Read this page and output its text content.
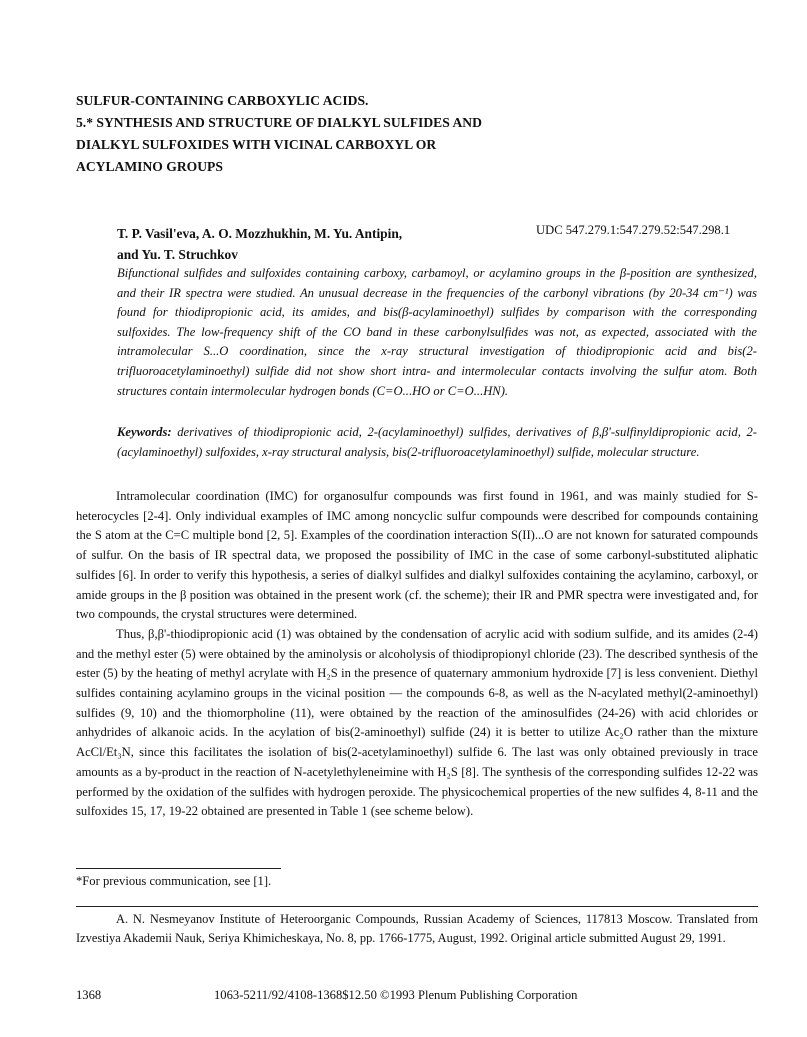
SULFUR-CONTAINING CARBOXYLIC ACIDS.
5.* SYNTHESIS AND STRUCTURE OF DIALKYL SULFIDES AND
DIALKYL SULFOXIDES WITH VICINAL CARBOXYL OR
ACYLAMINO GROUPS
T. P. Vasil'eva, A. O. Mozzhukhin, M. Yu. Antipin,
and Yu. T. Struchkov
UDC 547.279.1:547.279.52:547.298.1
Bifunctional sulfides and sulfoxides containing carboxy, carbamoyl, or acylamino groups in the β-position are synthesized, and their IR spectra were studied. An unusual decrease in the frequencies of the carbonyl vibrations (by 20-34 cm⁻¹) was found for thiodipropionic acid, its amides, and bis(β-acylaminoethyl) sulfides by comparison with the corresponding sulfoxides. The low-frequency shift of the CO band in these carbonylsulfides was not, as expected, associated with the intramolecular S...O coordination, since the x-ray structural investigation of thiodipropionic acid and bis(2-trifluoroacetylaminoethyl) sulfide did not show short intra- and intermolecular contacts involving the sulfur atom. Both structures contain intermolecular hydrogen bonds (C=O...HO or C=O...HN).
Keywords: derivatives of thiodipropionic acid, 2-(acylaminoethyl) sulfides, derivatives of β,β'-sulfinyldipropionic acid, 2-(acylaminoethyl) sulfoxides, x-ray structural analysis, bis(2-trifluoroacetylaminoethyl) sulfide, molecular structure.

Intramolecular coordination (IMC) for organosulfur compounds was first found in 1961, and was mainly studied for S-heterocycles [2-4]. Only individual examples of IMC among noncyclic sulfur compounds were described for compounds containing the S atom at the C=C multiple bond [2, 5]. Examples of the coordination interaction S(II)...O are not known for saturated compounds of sulfur. On the basis of IR spectral data, we proposed the possibility of IMC in the case of some carbonyl-substituted aliphatic sulfides [6]. In order to verify this hypothesis, a series of dialkyl sulfides and dialkyl sulfoxides containing the acylamino, carboxyl, or amide groups in the β position was obtained in the present work (cf. the scheme); their IR and PMR spectra were investigated and, for two compounds, the crystal structures were determined.

Thus, β,β'-thiodipropionic acid (1) was obtained by the condensation of acrylic acid with sodium sulfide, and its amides (2-4) and the methyl ester (5) were obtained by the aminolysis or alcoholysis of thiodipropionyl chloride (23). The described synthesis of the ester (5) by the heating of methyl acrylate with H₂S in the presence of quaternary ammonium hydroxide [7] is less convenient. Diethyl sulfides containing acylamino groups in the vicinal position — the compounds 6-8, as well as the N-acylated methyl(2-aminoethyl) sulfides (9, 10) and the thiomorpholine (11), were obtained by the reaction of the aminosulfides (24-26) with acid chlorides or anhydrides of alkanoic acids. In the acylation of bis(2-aminoethyl) sulfide (24) it is better to utilize Ac₂O rather than the mixture AcCl/Et₃N, since this facilitates the isolation of bis(2-acetylaminoethyl) sulfide 6. The last was only obtained previously in trace amounts as a by-product in the reaction of N-acetylethyleneimine with H₂S [8]. The synthesis of the corresponding sulfides 12-22 was performed by the oxidation of the sulfides with hydrogen peroxide. The physicochemical properties of the new sulfides 4, 8-11 and the sulfoxides 15, 17, 19-22 obtained are presented in Table 1 (see scheme below).

*For previous communication, see [1].

A. N. Nesmeyanov Institute of Heteroorganic Compounds, Russian Academy of Sciences, 117813 Moscow. Translated from Izvestiya Akademii Nauk, Seriya Khimicheskaya, No. 8, pp. 1766-1775, August, 1992. Original article submitted August 29, 1991.

1368	1063-5211/92/4108-1368$12.50 ©1993 Plenum Publishing Corporation
